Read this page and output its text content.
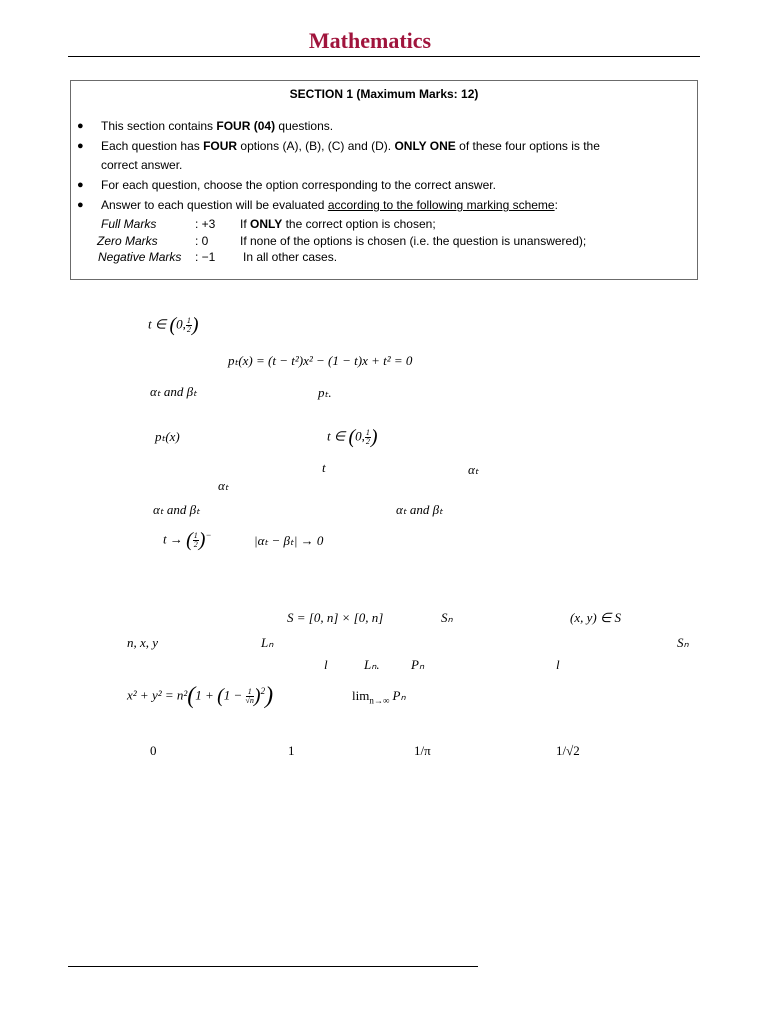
Mathematics
SECTION 1 (Maximum Marks: 12)
● This section contains FOUR (04) questions.
● Each question has FOUR options (A), (B), (C) and (D). ONLY ONE of these four options is the
correct answer.
● For each question, choose the option corresponding to the correct answer.
● Answer to each question will be evaluated according to the following marking scheme:
Full Marks	: +3 If ONLY the correct option is chosen;
Zero Marks	: 0	If none of the options is chosen (i.e. the question is unanswered);
Negative Marks : −1 In all other cases.
t ∈ (0, $\frac{1}{2}$ )
pₜ(x) = (t − t²)x² − (1 − t)x + t² = 0
αₜ and βₜ	pₜ.
pₜ(x)	t ∈ (0, $\frac{1}{2}$ )
t	αₜ
αₜ
αₜ and βₜ	αₜ and βₜ
t → ( $\frac{1}{2} )^-$	|αₜ − βₜ| → 0
S = [0, n] × [0, n]	Sₙ	(x, y) ∈ S
n, x, y	Lₙ	Sₙ
l	Lₙ. Pₙ	l
$x^2 + y^2 = n^2(1 + (1 - \frac{1}{√n} )^2)$	$\lim_{n\to\infty} P_n$
0	1	1/π	1/√2
